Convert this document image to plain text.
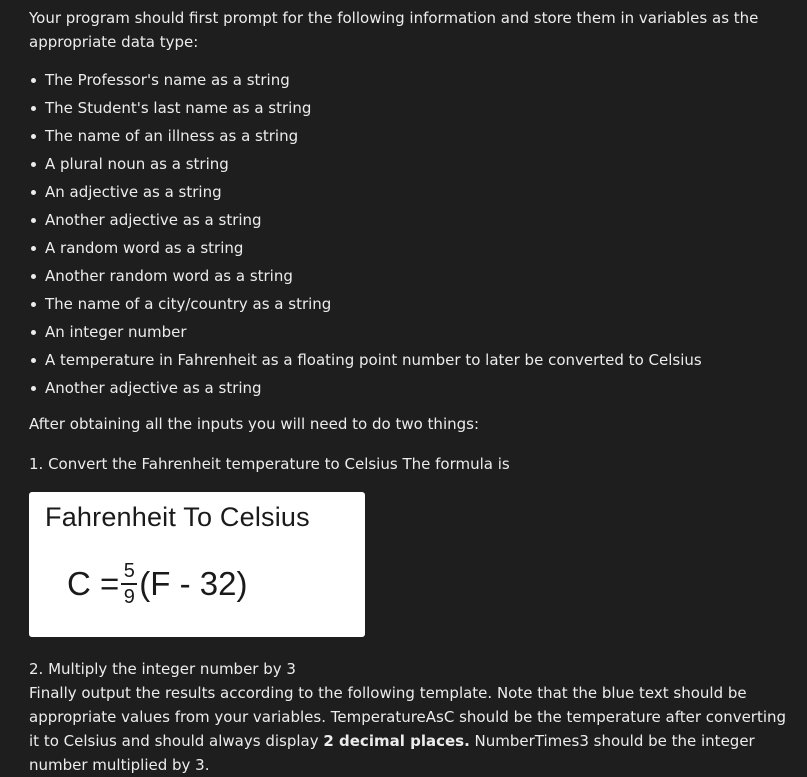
Your program should first prompt for the following information and store them in variables as the appropriate data type:

The Professor's name as a string
The Student's last name as a string
The name of an illness as a string
A plural noun as a string
An adjective as a string
Another adjective as a string
A random word as a string
Another random word as a string
The name of a city/country as a string
An integer number
A temperature in Fahrenheit as a floating point number to later be converted to Celsius
Another adjective as a string

After obtaining all the inputs you will need to do two things:

1. Convert the Fahrenheit temperature to Celsius The formula is

Fahrenheit To Celsius
$C = \frac{5}{9} (F - 32)$

2. Multiply the integer number by 3

Finally output the results according to the following template. Note that the blue text should be appropriate values from your variables. TemperatureAsC should be the temperature after converting it to Celsius and should always display 2 decimal places. NumberTimes3 should be the integer number multiplied by 3.
